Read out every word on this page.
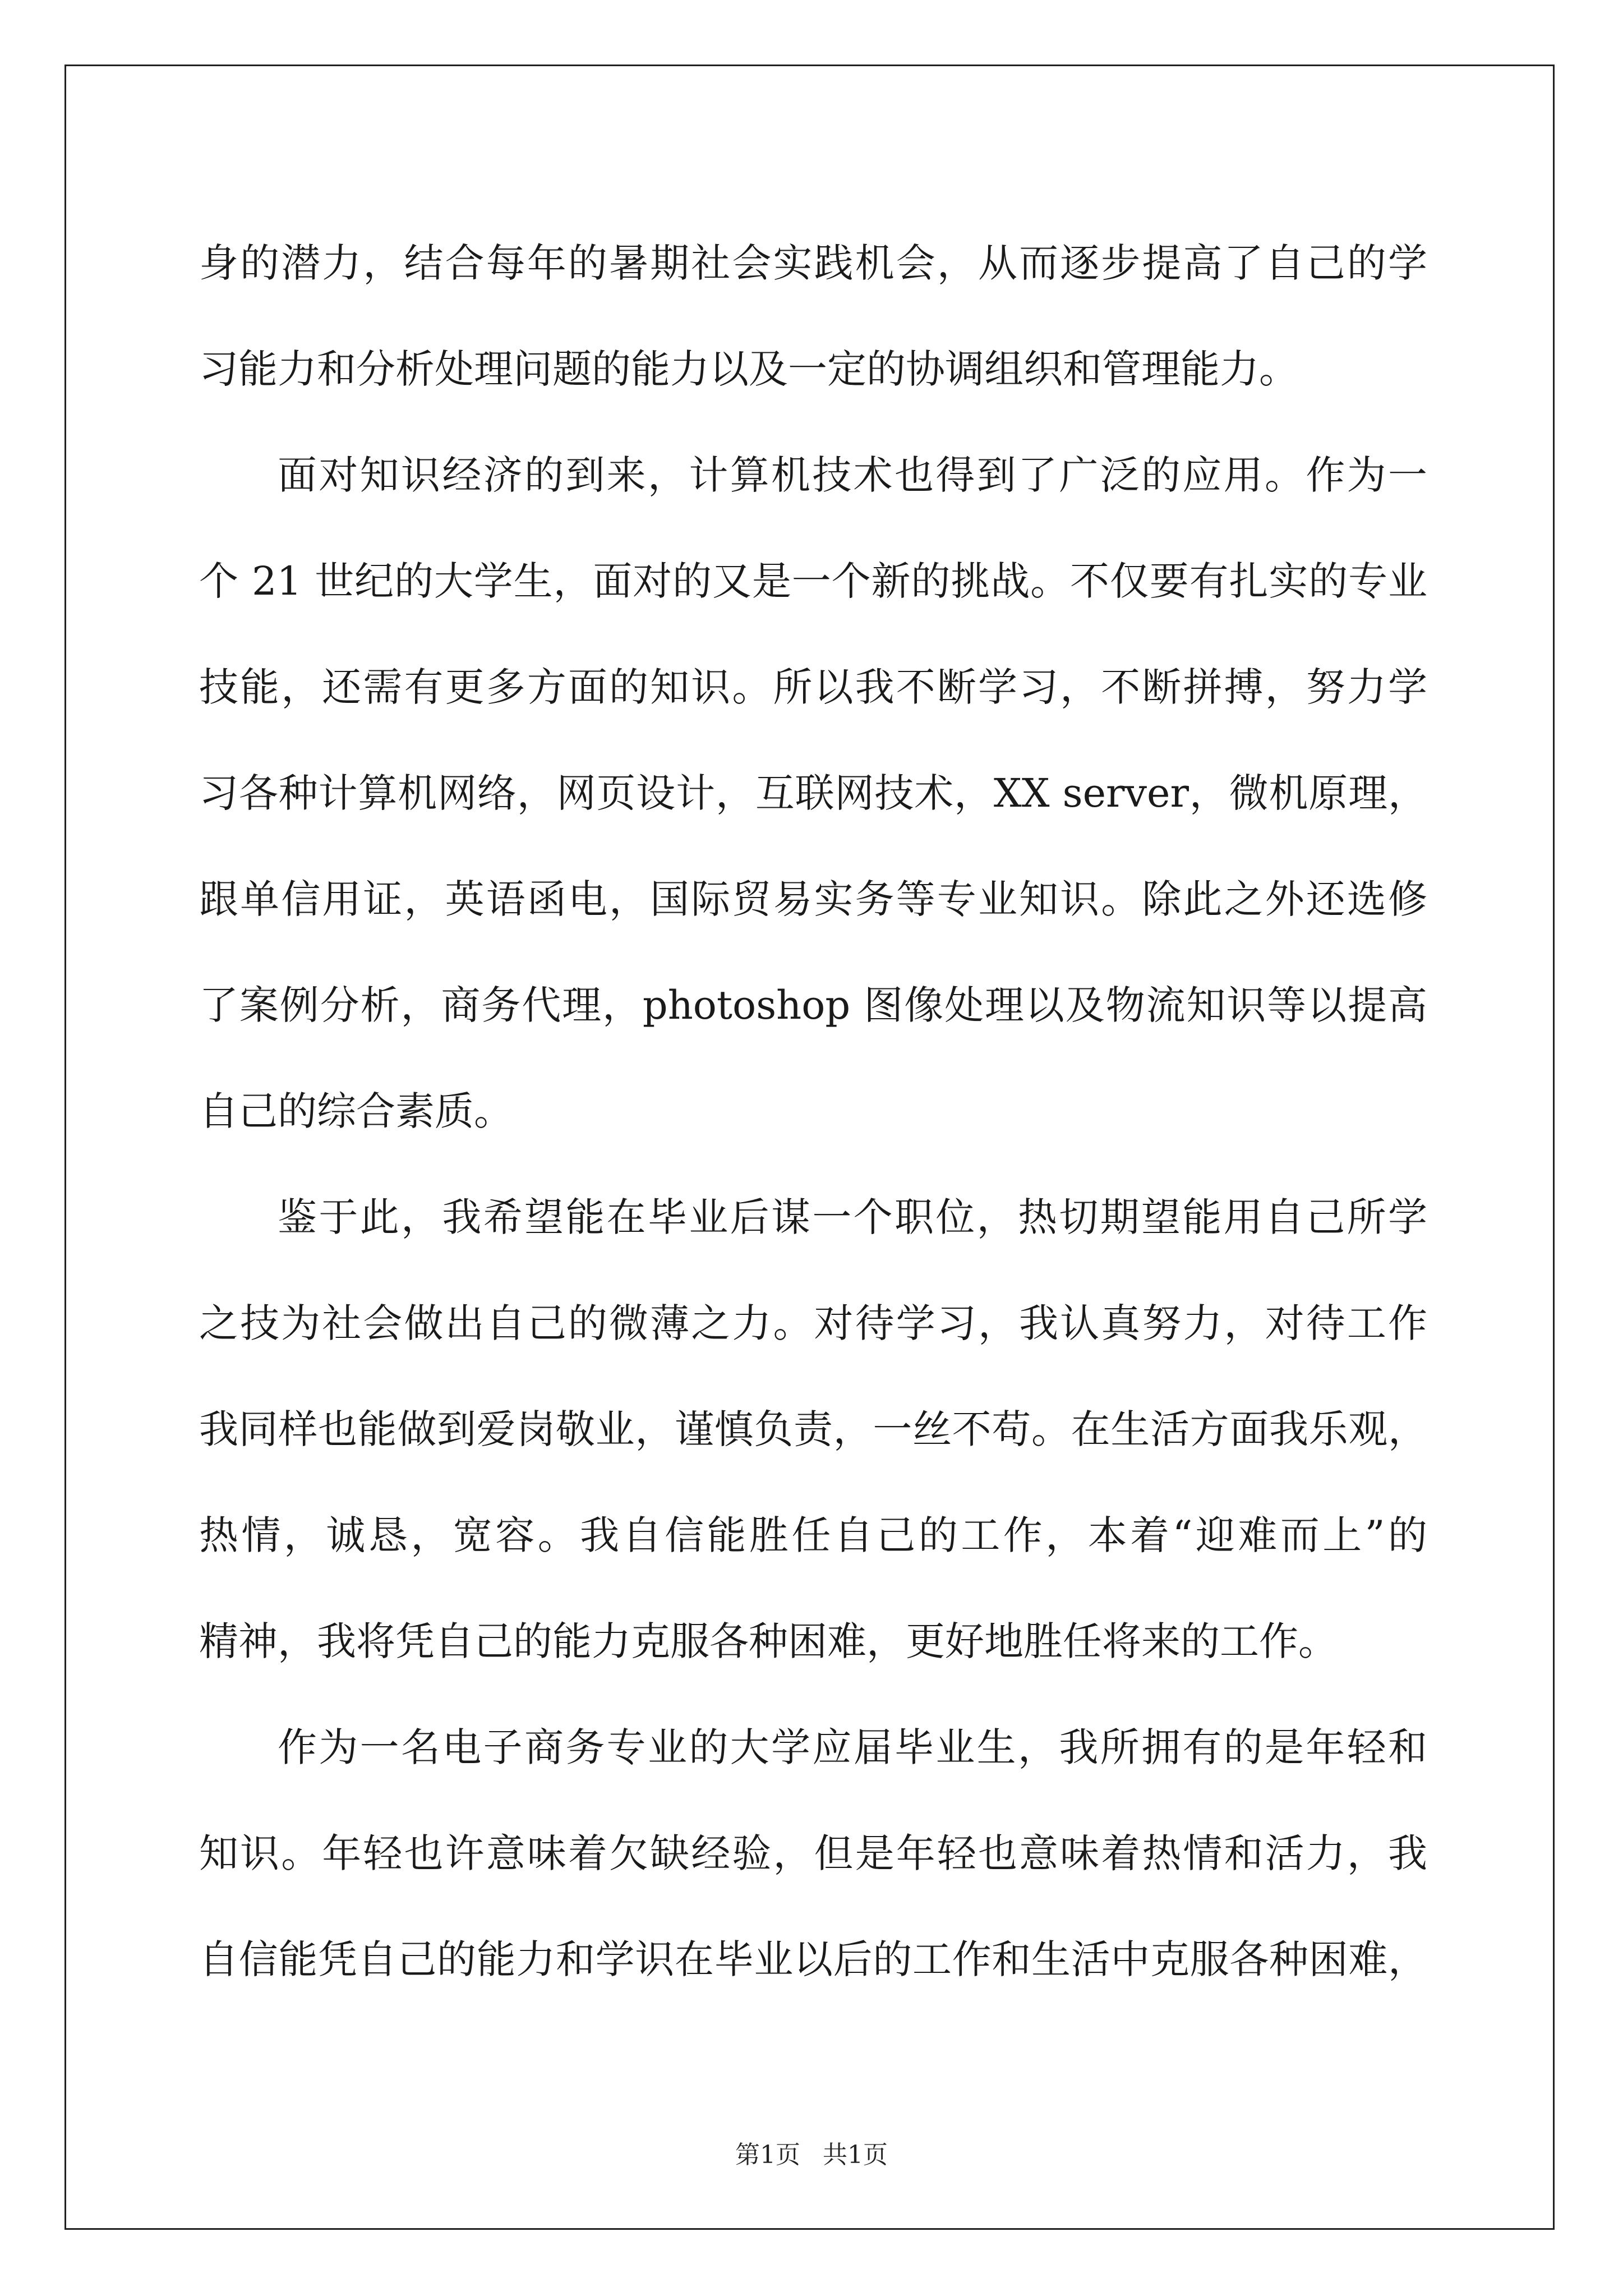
身的潜力，结合每年的暑期社会实践机会，从而逐步提高了自己的学
习能力和分析处理问题的能力以及一定的协调组织和管理能力。
面对知识经济的到来，计算机技术也得到了广泛的应用。作为一
个 21 世纪的大学生，面对的又是一个新的挑战。不仅要有扎实的专业
技能，还需有更多方面的知识。所以我不断学习，不断拼搏，努力学
习各种计算机网络，网页设计，互联网技术，XX server，微机原理，
跟单信用证，英语函电，国际贸易实务等专业知识。除此之外还选修
了案例分析，商务代理，photoshop 图像处理以及物流知识等以提高
自己的综合素质。
鉴于此，我希望能在毕业后谋一个职位，热切期望能用自己所学
之技为社会做出自己的微薄之力。对待学习，我认真努力，对待工作
我同样也能做到爱岗敬业，谨慎负责，一丝不苟。在生活方面我乐观，
热情，诚恳，宽容。我自信能胜任自己的工作，本着“迎难而上”的
精神，我将凭自己的能力克服各种困难，更好地胜任将来的工作。
作为一名电子商务专业的大学应届毕业生，我所拥有的是年轻和
知识。年轻也许意味着欠缺经验，但是年轻也意味着热情和活力，我
自信能凭自己的能力和学识在毕业以后的工作和生活中克服各种困难，
第1页 共1页
